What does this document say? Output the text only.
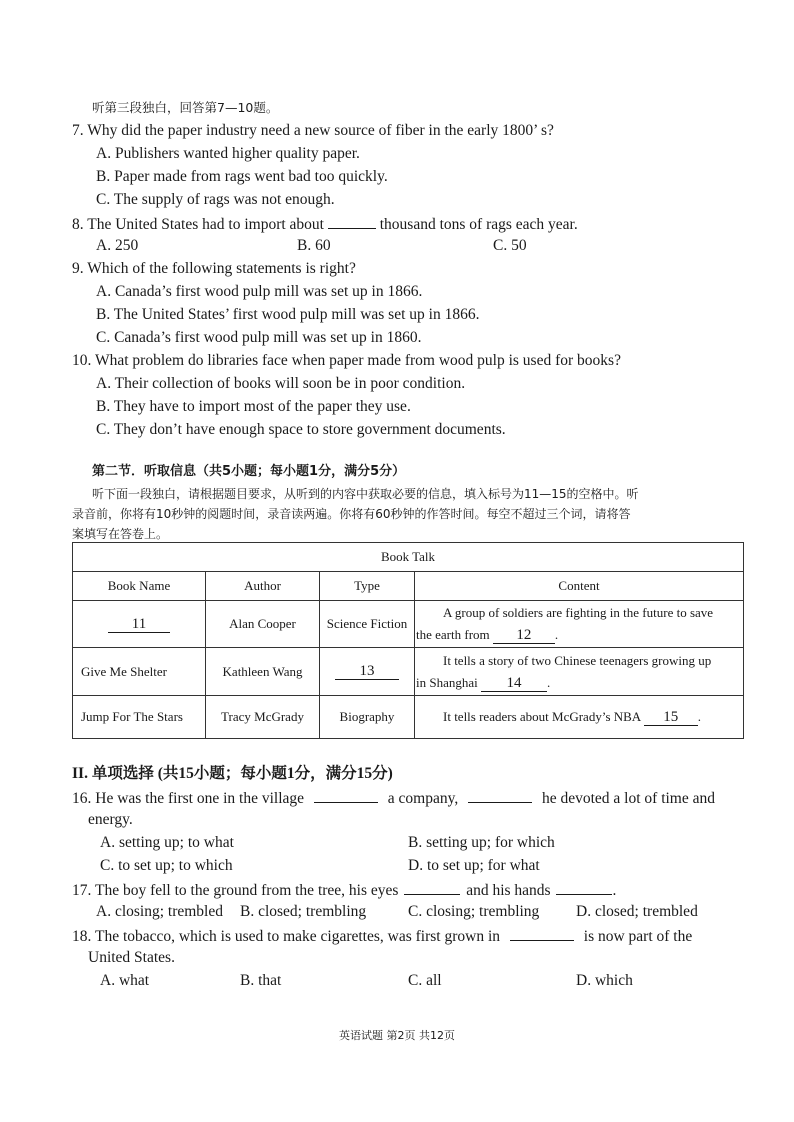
听第三段独白，回答第7—10题。
7. Why did the paper industry need a new source of fiber in the early 1800’ s?
A. Publishers wanted higher quality paper.
B. Paper made from rags went bad too quickly.
C. The supply of rags was not enough.
8. The United States had to import about	thousand tons of rags each year.
A. 250	B. 60	C. 50
9. Which of the following statements is right?
A. Canada’s first wood pulp mill was set up in 1866.
B. The United States’ first wood pulp mill was set up in 1866.
C. Canada’s first wood pulp mill was set up in 1860.
10. What problem do libraries face when paper made from wood pulp is used for books?
A. Their collection of books will soon be in poor condition.
B. They have to import most of the paper they use.
C. They don’t have enough space to store government documents.
第二节．听取信息（共5小题；每小题1分，满分5分）
听下面一段独白，请根据题目要求，从听到的内容中获取必要的信息，填入标号为11—15的空格中。听
录音前，你将有10秒钟的阅题时间，录音读两遍。你将有60秒钟的作答时间。每空不超过三个词，请将答
案填写在答卷上。
Book Talk			
Book Name	Author	Type	Content
11	Alan Cooper	Science Fiction	A group of soldiers are fighting in the future to save
the earth from 12 .

Give Me Shelter	Kathleen Wang	13	It tells a story of two Chinese teenagers growing up
in Shanghai 14 .

Jump For The Stars	Tracy McGrady	Biography	It tells readers about McGrady’s NBA 15 .
II. 单项选择 (共15小题；每小题1分，满分15分)
16. He was the first one in the village	a company,	he devoted a lot of time and
energy.
A. setting up; to what	B. setting up; for which
C. to set up; to which	D. to set up; for what
17. The boy fell to the ground from the tree, his eyes	and his hands	.
A. closing; trembled B. closed; trembling	C. closing; trembling D. closed; trembled
18. The tobacco, which is used to make cigarettes, was first grown in	is now part of the
United States.
A. what	B. that	C. all	D. which
英语试题 第2页 共12页
